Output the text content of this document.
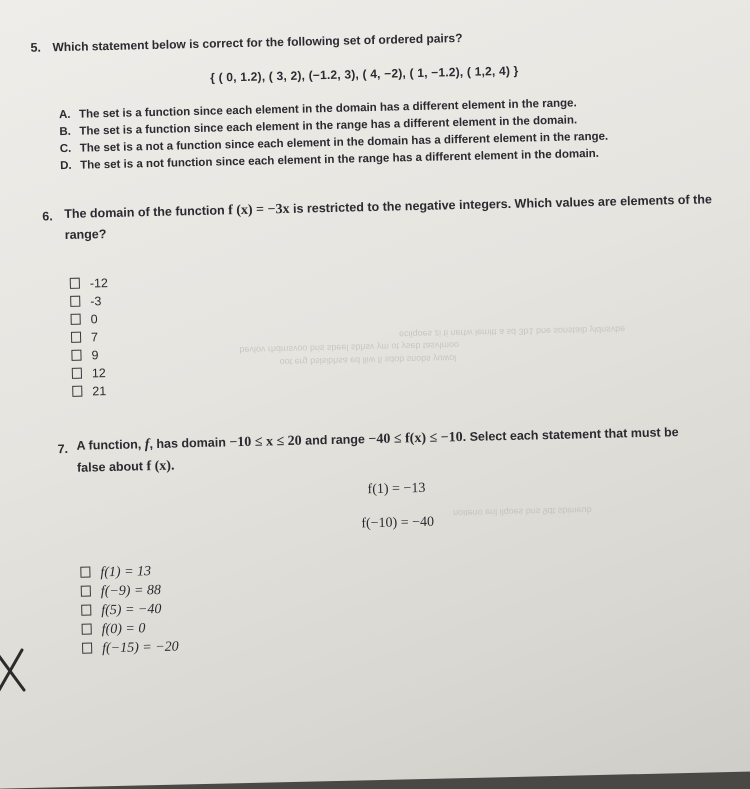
ecilqoes zi ti nertw lemitt a sd 3b1 bne sonstaib yldnsvbe
bevlov rhdmsvoo bris sbeel sbhsv ym ot yseb tasvlmoo
oot erg bslsibhsa ed lliw fi sdob snobs yuwol
noiteno eril ilqoes bns 9dt sbimeub
5. Which statement below is correct for the following set of ordered pairs?
{ ( 0, 1.2), ( 3, 2), (−1.2, 3), ( 4, −2), ( 1, −1.2), ( 1,2, 4) }
A. The set is a function since each element in the domain has a different element in the range.
B. The set is a function since each element in the range has a different element in the domain.
C. The set is a not a function since each element in the domain has a different element in the range.
D. The set is a not function since each element in the range has a different element in the domain.
6. The domain of the function f (x) = −3x is restricted to the negative integers. Which values are elements of the
range?
-12
-3
0
7
9
12
21
7. A function, f, has domain −10 ≤ x ≤ 20 and range −40 ≤ f(x) ≤ −10. Select each statement that must be
false about f (x).
f(1) = −13
f(−10) = −40
f(1) = 13
f(−9) = 88
f(5) = −40
f(0) = 0
f(−15) = −20
